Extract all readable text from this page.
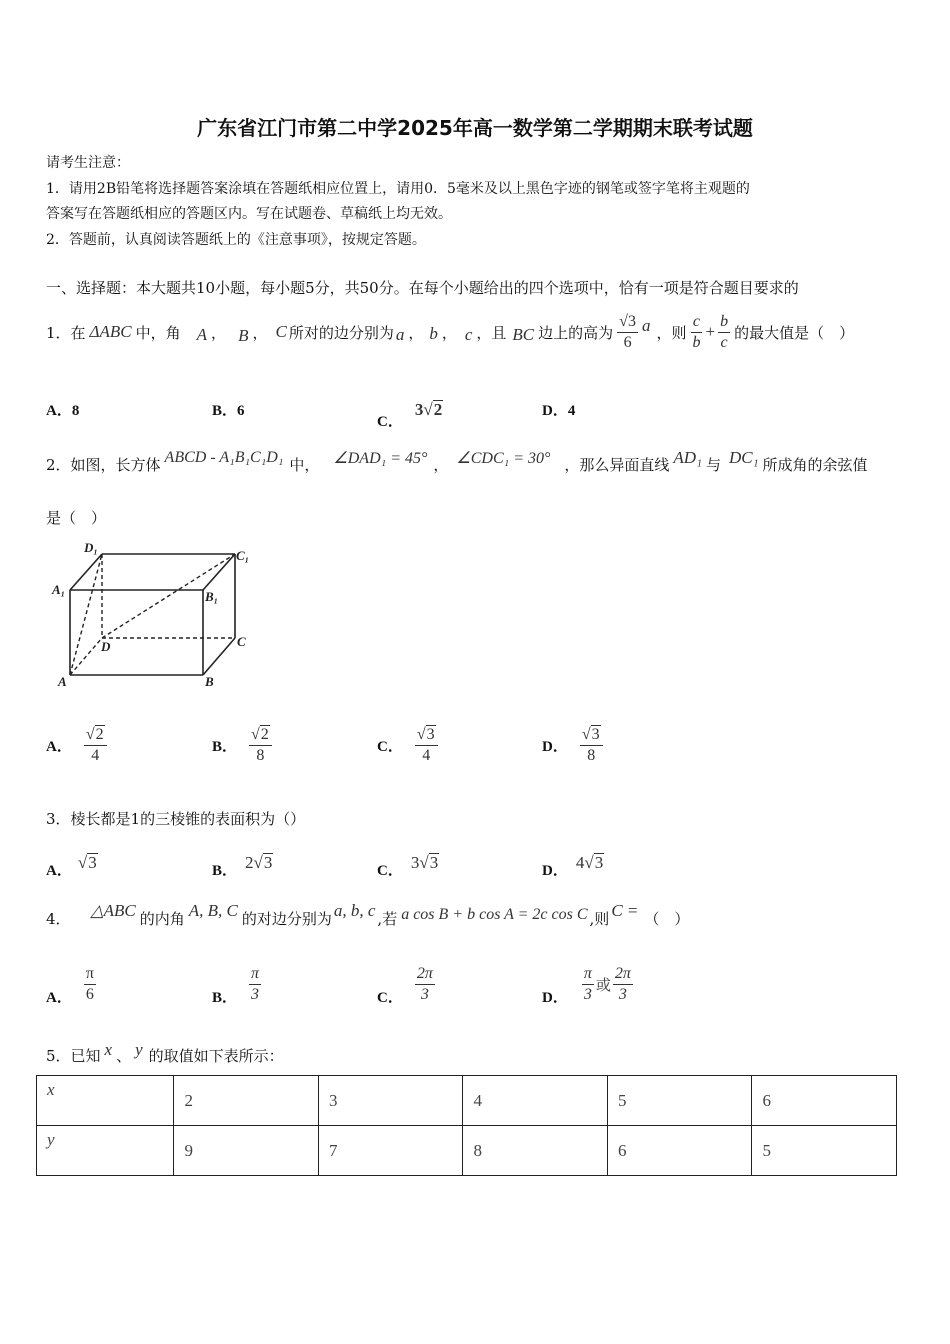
广东省江门市第二中学2025年高一数学第二学期期末联考试题
请考生注意：
1．请用2B铅笔将选择题答案涂填在答题纸相应位置上，请用0．5毫米及以上黑色字迹的钢笔或签字笔将主观题的
答案写在答题纸相应的答题区内。写在试题卷、草稿纸上均无效。
2．答题前，认真阅读答题纸上的《注意事项》，按规定答题。
一、选择题：本大题共10小题，每小题5分，共50分。在每个小题给出的四个选项中，恰有一项是符合题目要求的
1．在 ΔABC 中，角 A ， B ， C 所对的边分别为 a ， b ， c ，且 BC 边上的高为 $\frac{√3}{6}$ a ，则 $\frac{c}{b} + \frac{b}{c}$ 的最大值是（　）
A．8	B．6
C．
3 √2	D．4
2．如图，长方体 ABCD - A₁B₁C₁D₁ 中， ∠DAD₁ = 45° ， ∠CDC₁ = 30° ，那么异面直线 AD₁ 与 DC₁ 所成角的余弦值
是（　）
D₁
C₁
A₁	B₁
D	C
A	B
A． $\frac{√2}{4}$	B． $\frac{√2}{8}$	C． $\frac{√3}{4}$	D． $\frac{√3}{8}$
3．棱长都是1的三棱锥的表面积为（）
A． √3	B． 2 √3	C． 3 √3	D． 4 √3
4． △ABC 的内角 A, B, C 的对边分别为 a, b, c ,若 a cos B + b cos A = 2c cos C ,则 C = （　）
A． $\frac{\pi}{6}$	B． $\frac{\pi}{3}$	C． $\frac{2\pi}{3}$	D． $\frac{\pi}{3}$ 或 $\frac{2\pi}{3}$
5．已知 x 、 y 的取值如下表所示：
x	2	3	4	5	6
y	9	7	8	6	5
